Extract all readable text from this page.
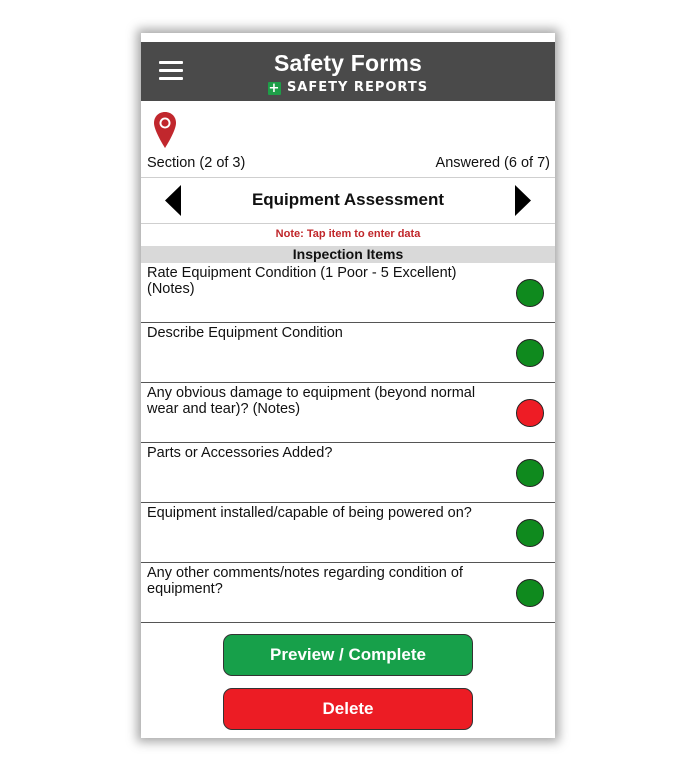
Safety Forms
+ SAFETY REPORTS
Section (2 of 3)	Answered (6 of 7)
Equipment Assessment
Note: Tap item to enter data
Inspection Items
Rate Equipment Condition (1 Poor - 5 Excellent) (Notes)
Describe Equipment Condition
Any obvious damage to equipment (beyond normal wear and tear)? (Notes)
Parts or Accessories Added?
Equipment installed/capable of being powered on?
Any other comments/notes regarding condition of equipment?
Preview / Complete
Delete
